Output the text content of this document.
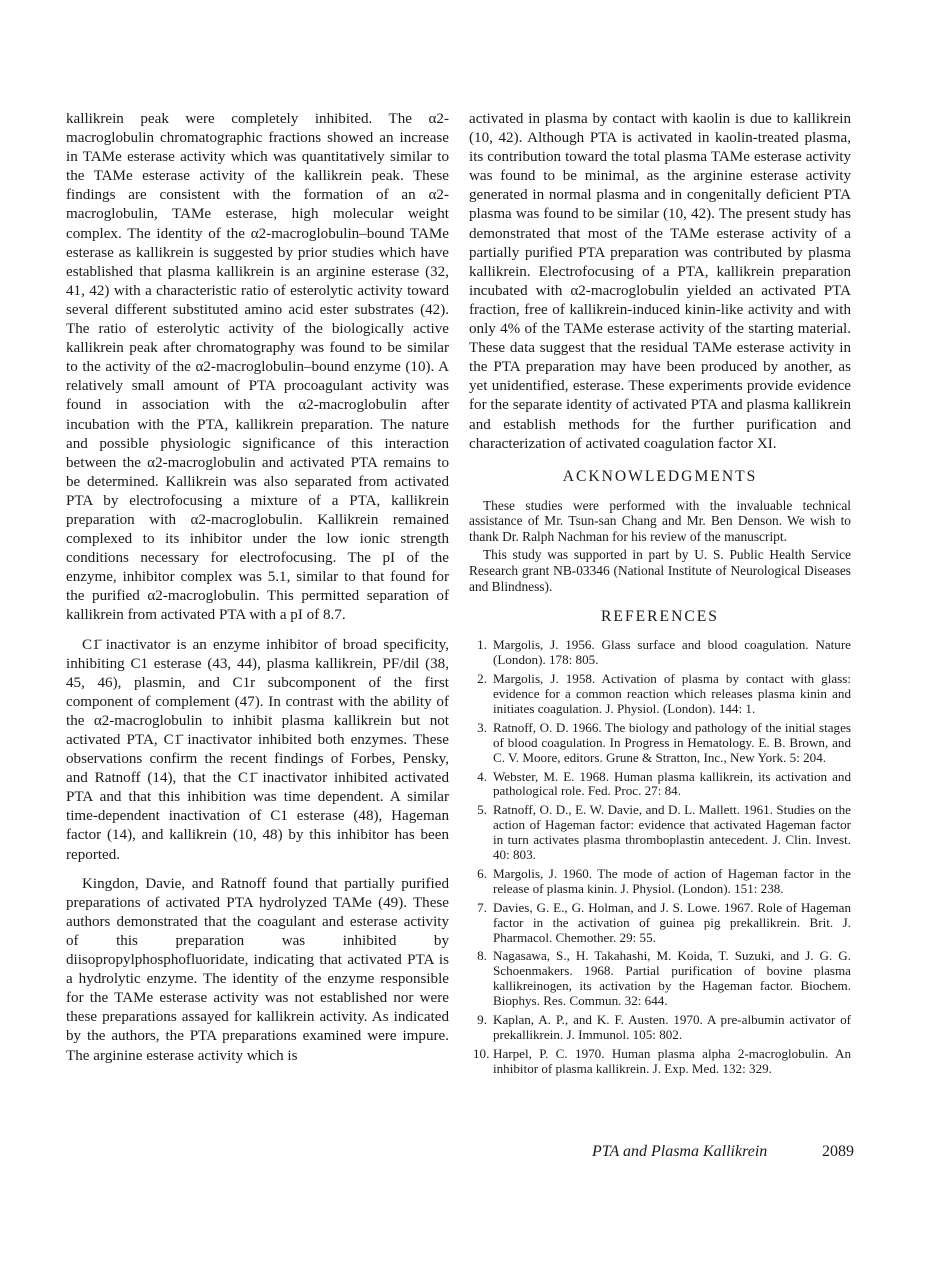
kallikrein peak were completely inhibited. The α2-macroglobulin chromatographic fractions showed an increase in TAMe esterase activity which was quantitatively similar to the TAMe esterase activity of the kallikrein peak. These findings are consistent with the formation of an α2-macroglobulin, TAMe esterase, high molecular weight complex. The identity of the α2-macroglobulin–bound TAMe esterase as kallikrein is suggested by prior studies which have established that plasma kallikrein is an arginine esterase (32, 41, 42) with a characteristic ratio of esterolytic activity toward several different substituted amino acid ester substrates (42). The ratio of esterolytic activity of the biologically active kallikrein peak after chromatography was found to be similar to the activity of the α2-macroglobulin–bound enzyme (10). A relatively small amount of PTA procoagulant activity was found in association with the α2-macroglobulin after incubation with the PTA, kallikrein preparation. The nature and possible physiologic significance of this interaction between the α2-macroglobulin and activated PTA remains to be determined. Kallikrein was also separated from activated PTA by electrofocusing a mixture of a PTA, kallikrein preparation with α2-macroglobulin. Kallikrein remained complexed to its inhibitor under the low ionic strength conditions necessary for electrofocusing. The pI of the enzyme, inhibitor complex was 5.1, similar to that found for the purified α2-macroglobulin. This permitted separation of kallikrein from activated PTA with a pI of 8.7.

C1̄ inactivator is an enzyme inhibitor of broad specificity, inhibiting C1 esterase (43, 44), plasma kallikrein, PF/dil (38, 45, 46), plasmin, and C1r subcomponent of the first component of complement (47). In contrast with the ability of the α2-macroglobulin to inhibit plasma kallikrein but not activated PTA, C1̄ inactivator inhibited both enzymes. These observations confirm the recent findings of Forbes, Pensky, and Ratnoff (14), that the C1̄ inactivator inhibited activated PTA and that this inhibition was time dependent. A similar time-dependent inactivation of C1 esterase (48), Hageman factor (14), and kallikrein (10, 48) by this inhibitor has been reported.

Kingdon, Davie, and Ratnoff found that partially purified preparations of activated PTA hydrolyzed TAMe (49). These authors demonstrated that the coagulant and esterase activity of this preparation was inhibited by diisopropylphosphofluoridate, indicating that activated PTA is a hydrolytic enzyme. The identity of the enzyme responsible for the TAMe esterase activity was not established nor were these preparations assayed for kallikrein activity. As indicated by the authors, the PTA preparations examined were impure. The arginine esterase activity which is

activated in plasma by contact with kaolin is due to kallikrein (10, 42). Although PTA is activated in kaolin-treated plasma, its contribution toward the total plasma TAMe esterase activity was found to be minimal, as the arginine esterase activity generated in normal plasma and in congenitally deficient PTA plasma was found to be similar (10, 42). The present study has demonstrated that most of the TAMe esterase activity of a partially purified PTA preparation was contributed by plasma kallikrein. Electrofocusing of a PTA, kallikrein preparation incubated with α2-macroglobulin yielded an activated PTA fraction, free of kallikrein-induced kinin-like activity and with only 4% of the TAMe esterase activity of the starting material. These data suggest that the residual TAMe esterase activity in the PTA preparation may have been produced by another, as yet unidentified, esterase. These experiments provide evidence for the separate identity of activated PTA and plasma kallikrein and establish methods for the further purification and characterization of activated coagulation factor XI.

ACKNOWLEDGMENTS

These studies were performed with the invaluable technical assistance of Mr. Tsun-san Chang and Mr. Ben Denson. We wish to thank Dr. Ralph Nachman for his review of the manuscript.

This study was supported in part by U. S. Public Health Service Research grant NB-03346 (National Institute of Neurological Diseases and Blindness).

REFERENCES
1. Margolis, J. 1956. Glass surface and blood coagulation. Nature (London). 178: 805.
2. Margolis, J. 1958. Activation of plasma by contact with glass: evidence for a common reaction which releases plasma kinin and initiates coagulation. J. Physiol. (London). 144: 1.
3. Ratnoff, O. D. 1966. The biology and pathology of the initial stages of blood coagulation. In Progress in Hematology. E. B. Brown, and C. V. Moore, editors. Grune & Stratton, Inc., New York. 5: 204.
4. Webster, M. E. 1968. Human plasma kallikrein, its activation and pathological role. Fed. Proc. 27: 84.
5. Ratnoff, O. D., E. W. Davie, and D. L. Mallett. 1961. Studies on the action of Hageman factor: evidence that activated Hageman factor in turn activates plasma thromboplastin antecedent. J. Clin. Invest. 40: 803.
6. Margolis, J. 1960. The mode of action of Hageman factor in the release of plasma kinin. J. Physiol. (London). 151: 238.
7. Davies, G. E., G. Holman, and J. S. Lowe. 1967. Role of Hageman factor in the activation of guinea pig prekallikrein. Brit. J. Pharmacol. Chemother. 29: 55.
8. Nagasawa, S., H. Takahashi, M. Koida, T. Suzuki, and J. G. G. Schoenmakers. 1968. Partial purification of bovine plasma kallikreinogen, its activation by the Hageman factor. Biochem. Biophys. Res. Commun. 32: 644.
9. Kaplan, A. P., and K. F. Austen. 1970. A pre-albumin activator of prekallikrein. J. Immunol. 105: 802.
10. Harpel, P. C. 1970. Human plasma alpha 2-macroglobulin. An inhibitor of plasma kallikrein. J. Exp. Med. 132: 329.
PTA and Plasma Kallikrein	2089
